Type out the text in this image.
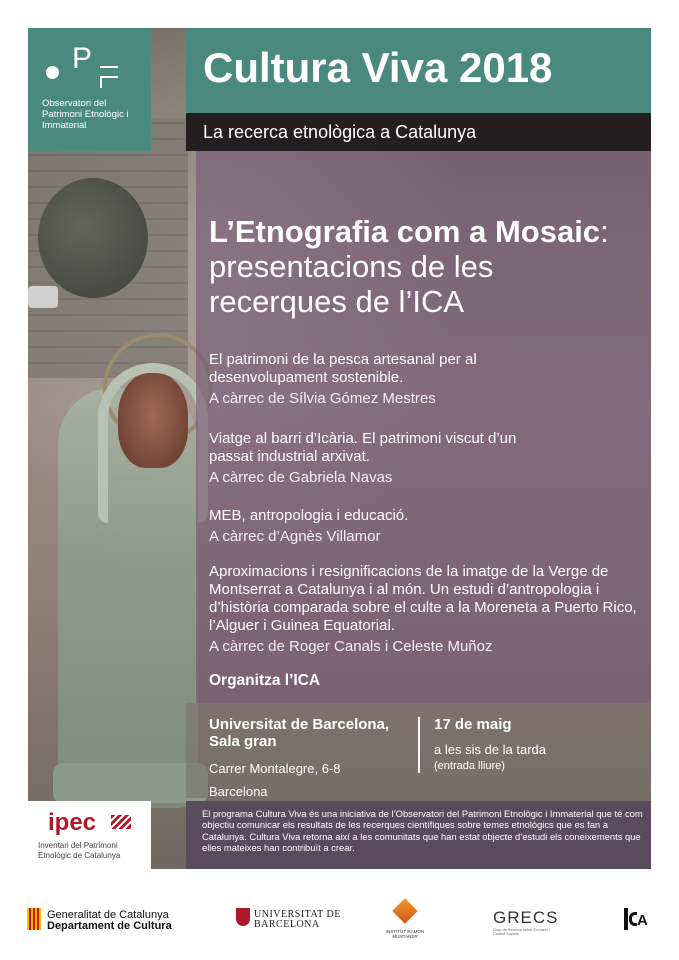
P
Observatori del Patrimoni Etnològic i Immaterial
Cultura Viva 2018
La recerca etnològica a Catalunya
L’Etnografia com a Mosaic: presentacions de les recerques de l’ICA
El patrimoni de la pesca artesanal per al desenvolupament sostenible.
A càrrec de Sílvia Gómez Mestres
Viatge al barri d’Icària. El patrimoni viscut d’un passat industrial arxivat.
A càrrec de Gabriela Navas
MEB, antropologia i educació.
A càrrec d’Agnès Villamor
Aproximacions i resignificacions de la imatge de la Verge de Montserrat a Catalunya i al món. Un estudi d’antropologia i d’història comparada sobre el culte a la Moreneta a Puerto Rico, l’Alguer i Guinea Equatorial.
A càrrec de Roger Canals i Celeste Muñoz
Organitza l’ICA
Universitat de Barcelona,
Sala gran
Carrer Montalegre, 6-8
Barcelona
17 de maig
a les sis de la tarda
(entrada lliure)
ipec
Inventari del Patrimoni Etnològic de Catalunya
El programa Cultura Viva és una iniciativa de l’Observatori del Patrimoni Etnològic i Immaterial que té com objectiu comunicar els resultats de les recerques científiques sobre temes etnològics que es fan a Catalunya. Cultura Viva retorna així a les comunitats que han estat objecte d’estudi els coneixements que elles mateixes han contribuït a crear.
Generalitat de Catalunya
Departament de Cultura
UNIVERSITAT DE
BARCELONA
INSTITUT RAMON MUNTANER
GRECS
Grup de Recerca sobre Exclusió i Control Socials
A
